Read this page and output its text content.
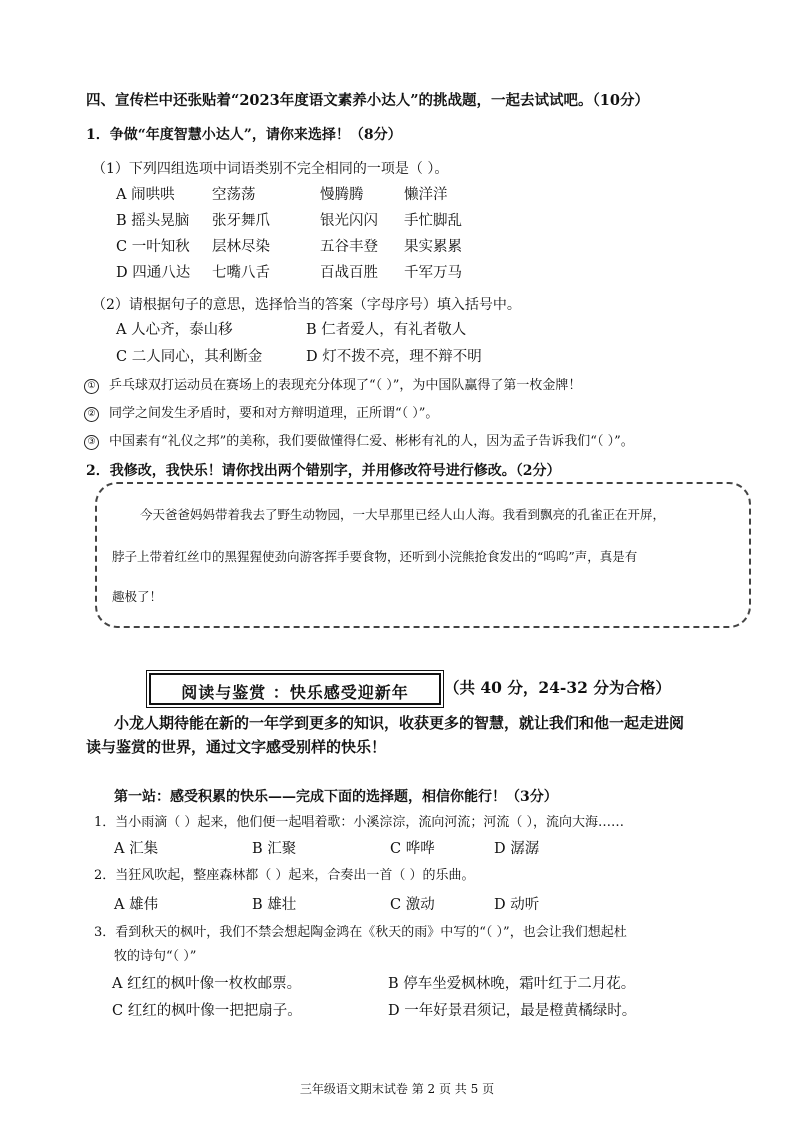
四、宣传栏中还张贴着“2023年度语文素养小达人”的挑战题，一起去试试吧。（10分）
1．争做“年度智慧小达人”，请你来选择！（8分）
（1）下列四组选项中词语类别不完全相同的一项是（ ）。
A 闹哄哄	空荡荡	慢腾腾	懒洋洋
B 摇头晃脑 张牙舞爪	银光闪闪 手忙脚乱
C 一叶知秋 层林尽染	五谷丰登 果实累累
D 四通八达 七嘴八舌	百战百胜 千军万马
（2）请根据句子的意思，选择恰当的答案（字母序号）填入括号中。
A 人心齐，泰山移	B 仁者爱人，有礼者敬人
C 二人同心，其利断金	D 灯不拨不亮，理不辩不明
① 乒乓球双打运动员在赛场上的表现充分体现了“（ ）”，为中国队赢得了第一枚金牌！
② 同学之间发生矛盾时，要和对方辩明道理，正所谓“（ ）”。
③ 中国素有“礼仪之邦”的美称，我们要做懂得仁爱、彬彬有礼的人，因为孟子告诉我们“（ ）”。
2．我修改，我快乐！请你找出两个错别字，并用修改符号进行修改。（2分）
今天爸爸妈妈带着我去了野生动物园，一大早那里已经人山人海。我看到飘亮的孔雀正在开屏，
脖子上带着红丝巾的黑猩猩使劲向游客挥手要食物，还听到小浣熊抢食发出的“呜呜”声，真是有
趣极了！
阅读与鉴赏 ：快乐感受迎新年	（共 40 分，24-32 分为合格）
小龙人期待能在新的一年学到更多的知识，收获更多的智慧，就让我们和他一起走进阅
读与鉴赏的世界，通过文字感受别样的快乐！
第一站：感受积累的快乐——完成下面的选择题，相信你能行！（3分）
1．当小雨滴（ ）起来，他们便一起唱着歌：小溪淙淙，流向河流；河流（ ），流向大海……
A 汇集	B 汇聚	C 哗哗	D 潺潺
2．当狂风吹起，整座森林都（ ）起来，合奏出一首（ ）的乐曲。
A 雄伟	B 雄壮	C 激动	D 动听
3．看到秋天的枫叶，我们不禁会想起陶金鸿在《秋天的雨》中写的“（ ）”，也会让我们想起杜
牧的诗句“（ ）”
A 红红的枫叶像一枚枚邮票。	B 停车坐爱枫林晚，霜叶红于二月花。
C 红红的枫叶像一把把扇子。	D 一年好景君须记，最是橙黄橘绿时。
三年级语文期末试卷 第 2 页 共 5 页
